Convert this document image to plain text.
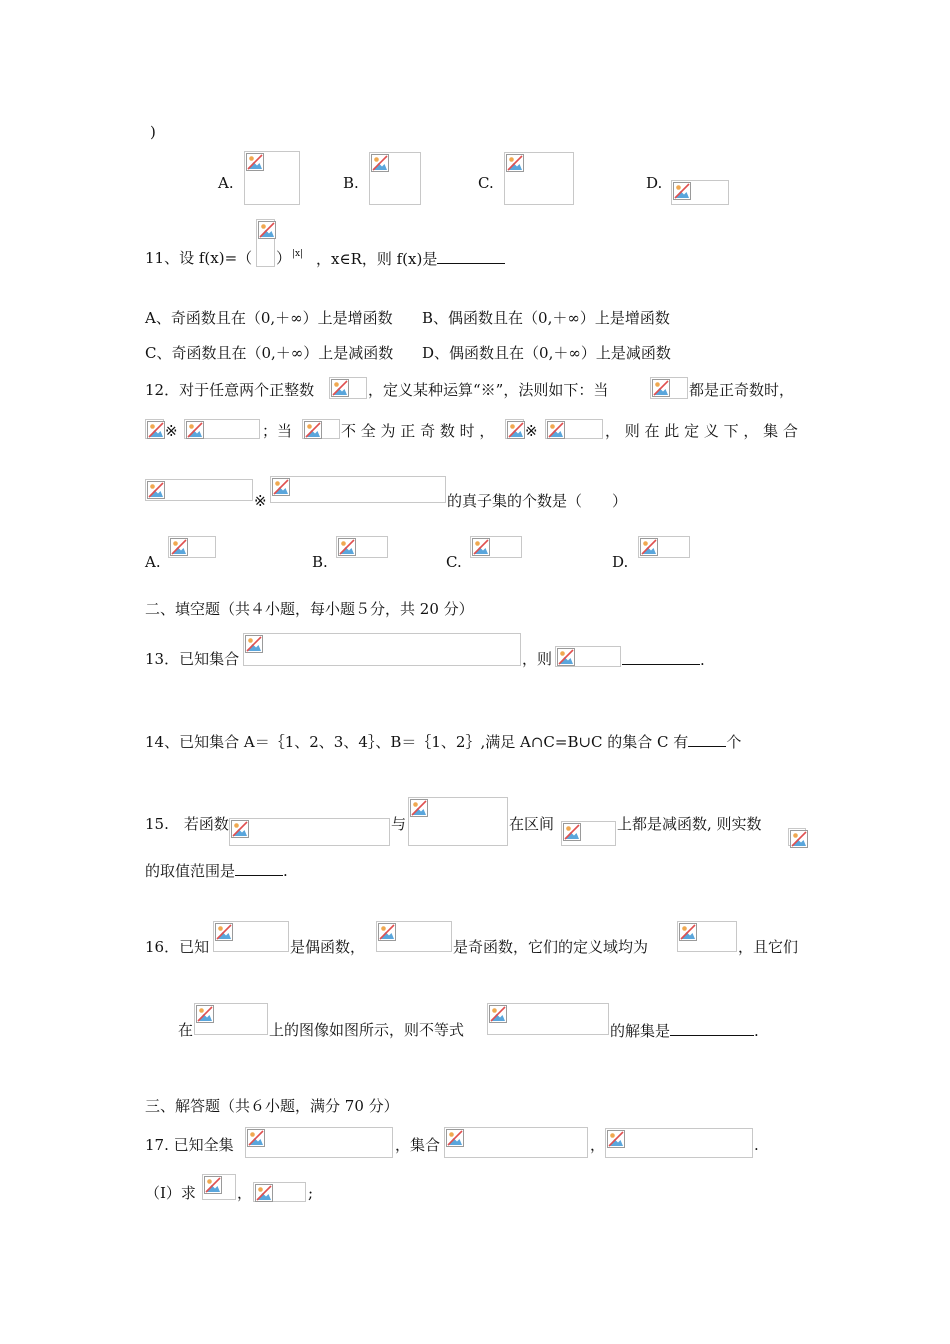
)
A.	B.	C.	D.
11、设 f(x)=（ ） $^{|x|}$ ，x∈R，则 f(x)是
A、奇函数且在（0,＋∞）上是增函数 B、偶函数且在（0,＋∞）上是增函数
C、奇函数且在（0,＋∞）上是减函数 D、偶函数且在（0,＋∞）上是减函数
12．对于任意两个正整数	，定义某种运算“※”，法则如下：当	都是正奇数时，
※	；当	不 全 为 正 奇 数 时 ， ※	， 则 在 此 定 义 下 ， 集 合
※	的真子集的个数是（　　）
A.	B.	C.	D.
二、填空题（共４小题，每小题５分，共 20 分）
13．已知集合	，则	.
14、已知集合 A＝｛1、2、3、4｝、B＝｛1、2｝,满足 A∩C=B∪C 的集合 C 有	个
15.　若函数	与	在区间	上都是减函数, 则实数
的取值范围是	.
16．已知	是偶函数，	是奇函数，它们的定义域均为	，且它们
在	上的图像如图所示，则不等式	的解集是	.
三、解答题（共６小题，满分 70 分）
17. 已知全集	，集合	，	.
（I）求	，	;
